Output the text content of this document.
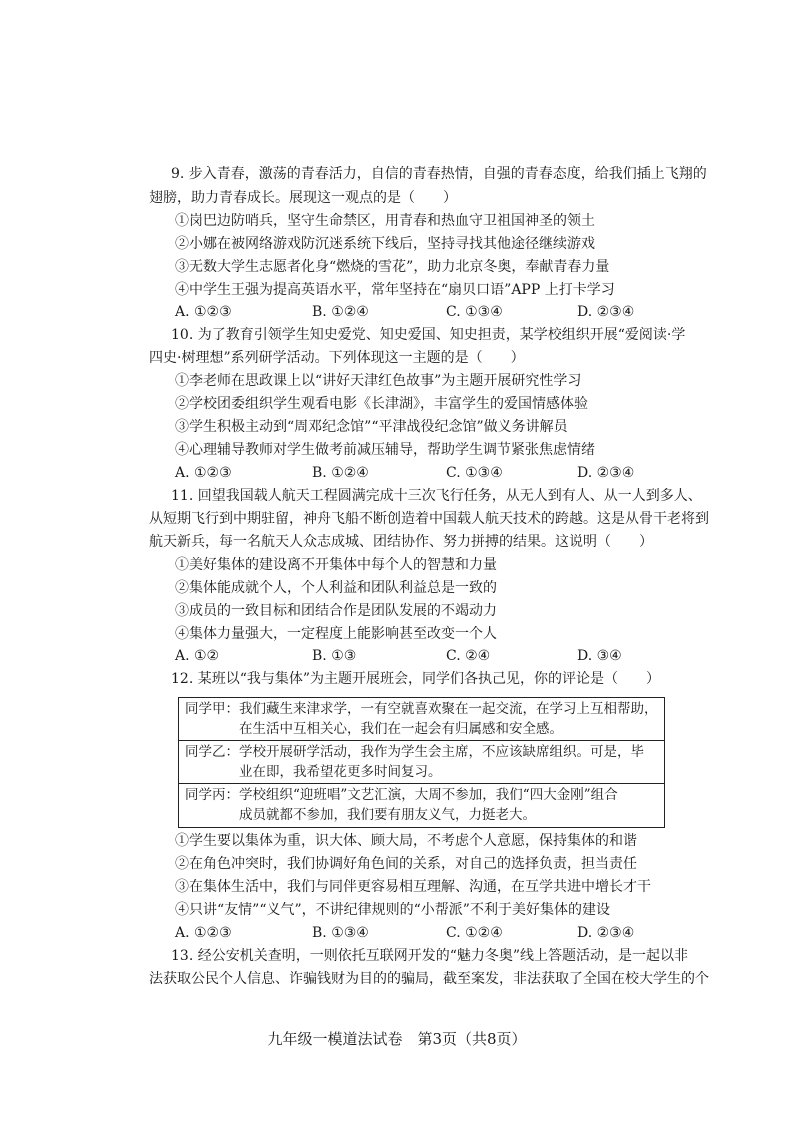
9. 步入青春，激荡的青春活力，自信的青春热情，自强的青春态度，给我们插上飞翔的
翅膀，助力青春成长。展现这一观点的是（　　）
①岗巴边防哨兵，坚守生命禁区，用青春和热血守卫祖国神圣的领土
②小娜在被网络游戏防沉迷系统下线后，坚持寻找其他途径继续游戏
③无数大学生志愿者化身“燃烧的雪花”，助力北京冬奥，奉献青春力量
④中学生王强为提高英语水平，常年坚持在“扇贝口语”APP 上打卡学习
A. ①②③	B. ①②④	C. ①③④	D. ②③④
10. 为了教育引领学生知史爱党、知史爱国、知史担责，某学校组织开展“爱阅读·学
四史·树理想”系列研学活动。下列体现这一主题的是（　　）
①李老师在思政课上以“讲好天津红色故事”为主题开展研究性学习
②学校团委组织学生观看电影《长津湖》，丰富学生的爱国情感体验
③学生积极主动到“周邓纪念馆”“平津战役纪念馆”做义务讲解员
④心理辅导教师对学生做考前减压辅导，帮助学生调节紧张焦虑情绪
A. ①②③	B. ①②④	C. ①③④	D. ②③④
11. 回望我国载人航天工程圆满完成十三次飞行任务，从无人到有人、从一人到多人、
从短期飞行到中期驻留，神舟飞船不断创造着中国载人航天技术的跨越。这是从骨干老将到
航天新兵，每一名航天人众志成城、团结协作、努力拼搏的结果。这说明（　　）
①美好集体的建设离不开集体中每个人的智慧和力量
②集体能成就个人，个人利益和团队利益总是一致的
③成员的一致目标和团结合作是团队发展的不竭动力
④集体力量强大，一定程度上能影响甚至改变一个人
A. ①②	B. ①③	C. ②④	D. ③④
12. 某班以“我与集体”为主题开展班会，同学们各执己见，你的评论是（　　）
同学甲：我们藏生来津求学，一有空就喜欢聚在一起交流，在学习上互相帮助，
　　　　在生活中互相关心，我们在一起会有归属感和安全感。
同学乙：学校开展研学活动，我作为学生会主席，不应该缺席组织。可是，毕
　　　　业在即，我希望花更多时间复习。
同学丙：学校组织“迎班唱”文艺汇演，大周不参加，我们“四大金刚”组合
　　　　成员就都不参加，我们要有朋友义气，力挺老大。
①学生要以集体为重，识大体、顾大局，不考虑个人意愿，保持集体的和谐
②在角色冲突时，我们协调好角色间的关系，对自己的选择负责，担当责任
③在集体生活中，我们与同伴更容易相互理解、沟通，在互学共进中增长才干
④只讲“友情”“义气”，不讲纪律规则的“小帮派”不利于美好集体的建设
A. ①②③	B. ①③④	C. ①②④	D. ②③④
13. 经公安机关查明，一则依托互联网开发的“魅力冬奥”线上答题活动，是一起以非
法获取公民个人信息、诈骗钱财为目的的骗局，截至案发，非法获取了全国在校大学生的个
九年级一模道法试卷　第3页（共8页）
